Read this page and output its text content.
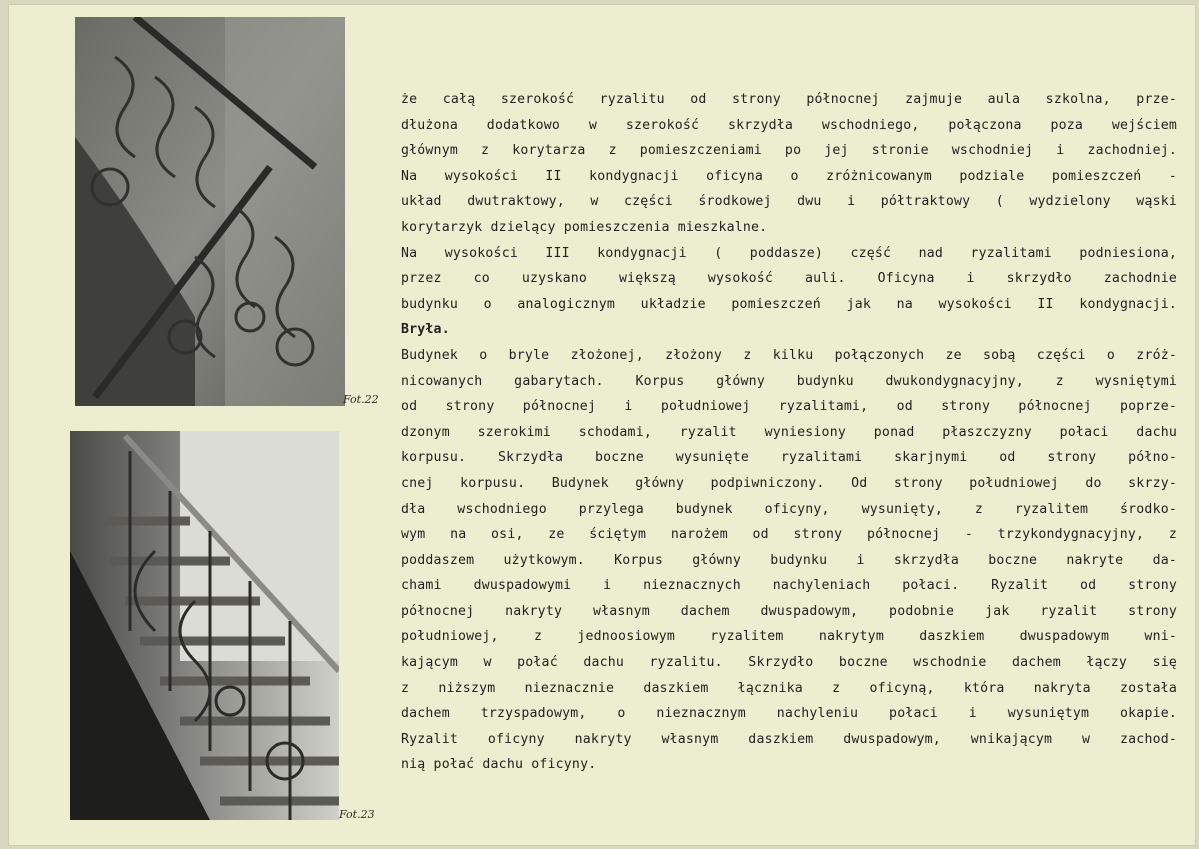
Fot.22
Fot.23
że całą szerokość ryzalitu od strony północnej zajmuje aula szkolna, prze-
dłużona dodatkowo w szerokość skrzydła wschodniego, połączona poza wejściem
głównym z korytarza z pomieszczeniami po jej stronie wschodniej i zachodniej.
Na wysokości II kondygnacji oficyna o zróżnicowanym podziale pomieszczeń -
układ dwutraktowy, w części środkowej dwu i półtraktowy ( wydzielony wąski
korytarzyk dzielący pomieszczenia mieszkalne.
Na wysokości III kondygnacji ( poddasze) część nad ryzalitami podniesiona,
przez co uzyskano większą wysokość auli. Oficyna i skrzydło zachodnie
budynku o analogicznym układzie pomieszczeń jak na wysokości II kondygnacji.
Bryła.
Budynek o bryle złożonej, złożony z kilku połączonych ze sobą części o zróż-
nicowanych gabarytach. Korpus główny budynku dwukondygnacyjny, z wysniętymi
od strony północnej i południowej ryzalitami, od strony północnej poprze-
dzonym szerokimi schodami, ryzalit wyniesiony ponad płaszczyzny połaci dachu
korpusu. Skrzydła boczne wysunięte ryzalitami skarjnymi od strony półno-
cnej korpusu. Budynek główny podpiwniczony. Od strony południowej do skrzy-
dła wschodniego przylega budynek oficyny, wysunięty, z ryzalitem środko-
wym na osi, ze ściętym narożem od strony północnej - trzykondygnacyjny, z
poddaszem użytkowym. Korpus główny budynku i skrzydła boczne nakryte da-
chami dwuspadowymi i nieznacznych nachyleniach połaci. Ryzalit od strony
północnej nakryty własnym dachem dwuspadowym, podobnie jak ryzalit strony
południowej, z jednoosiowym ryzalitem nakrytym daszkiem dwuspadowym wni-
kającym w połać dachu ryzalitu. Skrzydło boczne wschodnie dachem łączy się
z niższym nieznacznie daszkiem łącznika z oficyną, która nakryta została
dachem trzyspadowym, o nieznacznym nachyleniu połaci i wysuniętym okapie.
Ryzalit oficyny nakryty własnym daszkiem dwuspadowym, wnikającym w zachod-
nią połać dachu oficyny.
